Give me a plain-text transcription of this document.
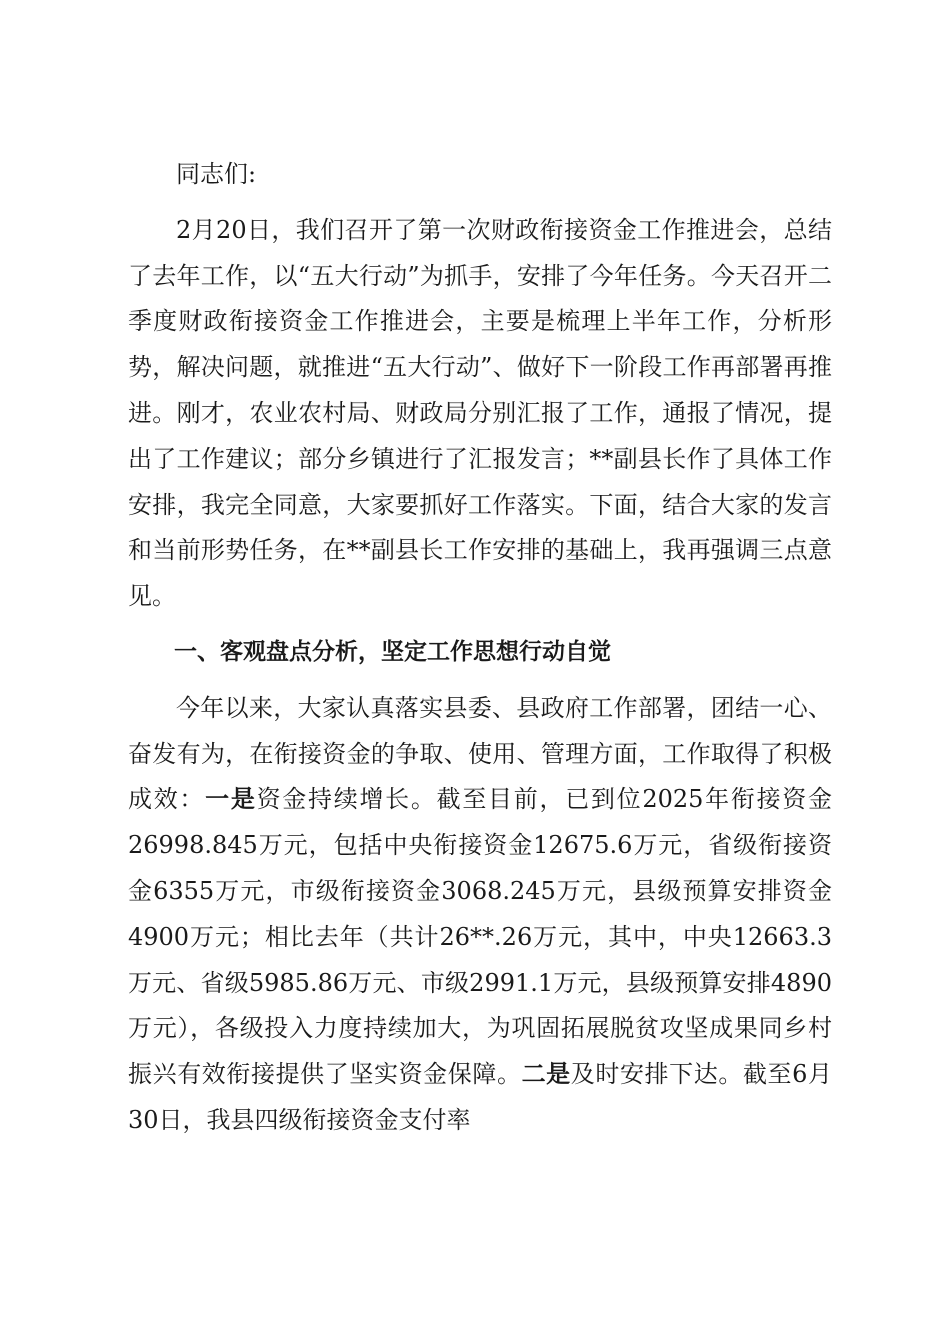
同志们:

2月20日，我们召开了第一次财政衔接资金工作推进会，总结了去年工作，以“五大行动”为抓手，安排了今年任务。今天召开二季度财政衔接资金工作推进会，主要是梳理上半年工作，分析形势，解决问题，就推进“五大行动”、做好下一阶段工作再部署再推进。刚才，农业农村局、财政局分别汇报了工作，通报了情况，提出了工作建议；部分乡镇进行了汇报发言；**副县长作了具体工作安排，我完全同意，大家要抓好工作落实。下面，结合大家的发言和当前形势任务，在**副县长工作安排的基础上，我再强调三点意见。

一、客观盘点分析，坚定工作思想行动自觉

今年以来，大家认真落实县委、县政府工作部署，团结一心、奋发有为，在衔接资金的争取、使用、管理方面，工作取得了积极成效：一是资金持续增长。截至目前，已到位2025年衔接资金26998.845万元，包括中央衔接资金12675.6万元，省级衔接资金6355万元，市级衔接资金3068.245万元，县级预算安排资金4900万元；相比去年（共计26**.26万元，其中，中央12663.3万元、省级5985.86万元、市级2991.1万元，县级预算安排4890万元），各级投入力度持续加大，为巩固拓展脱贫攻坚成果同乡村振兴有效衔接提供了坚实资金保障。二是及时安排下达。截至6月30日，我县四级衔接资金支付率
